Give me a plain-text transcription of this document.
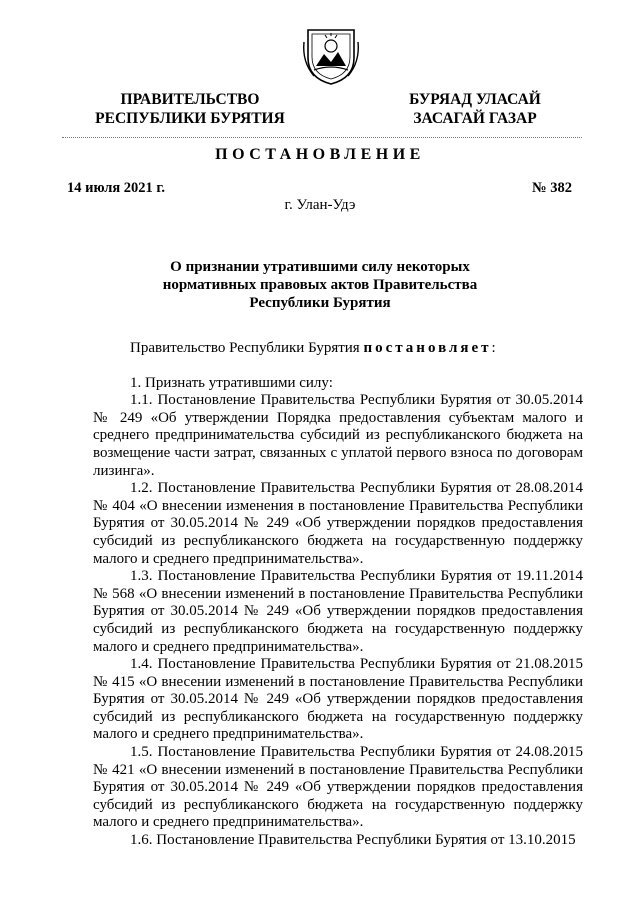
ПРАВИТЕЛЬСТВО
РЕСПУБЛИКИ БУРЯТИЯ
БУРЯАД УЛАСАЙ
ЗАСАГАЙ ГАЗАР
ПОСТАНОВЛЕНИЕ
14 июля 2021 г.	№ 382
г. Улан-Удэ
О признании утратившими силу некоторых
нормативных правовых актов Правительства
Республики Бурятия

Правительство Республики Бурятия постановляет:

1. Признать утратившими силу:

1.1. Постановление Правительства Республики Бурятия от 30.05.2014 № 249 «Об утверждении Порядка предоставления субъектам малого и среднего предпринимательства субсидий из республиканского бюджета на возмещение части затрат, связанных с уплатой первого взноса по договорам лизинга».

1.2. Постановление Правительства Республики Бурятия от 28.08.2014 № 404 «О внесении изменения в постановление Правительства Республики Бурятия от 30.05.2014 № 249 «Об утверждении порядков предоставления субсидий из республиканского бюджета на государственную поддержку малого и среднего предпринимательства».

1.3. Постановление Правительства Республики Бурятия от 19.11.2014 № 568 «О внесении изменений в постановление Правительства Республики Бурятия от 30.05.2014 № 249 «Об утверждении порядков предоставления субсидий из республиканского бюджета на государственную поддержку малого и среднего предпринимательства».

1.4. Постановление Правительства Республики Бурятия от 21.08.2015 № 415 «О внесении изменений в постановление Правительства Республики Бурятия от 30.05.2014 № 249 «Об утверждении порядков предоставления субсидий из республиканского бюджета на государственную поддержку малого и среднего предпринимательства».

1.5. Постановление Правительства Республики Бурятия от 24.08.2015 № 421 «О внесении изменений в постановление Правительства Республики Бурятия от 30.05.2014 № 249 «Об утверждении порядков предоставления субсидий из республиканского бюджета на государственную поддержку малого и среднего предпринимательства».

1.6. Постановление Правительства Республики Бурятия от 13.10.2015
